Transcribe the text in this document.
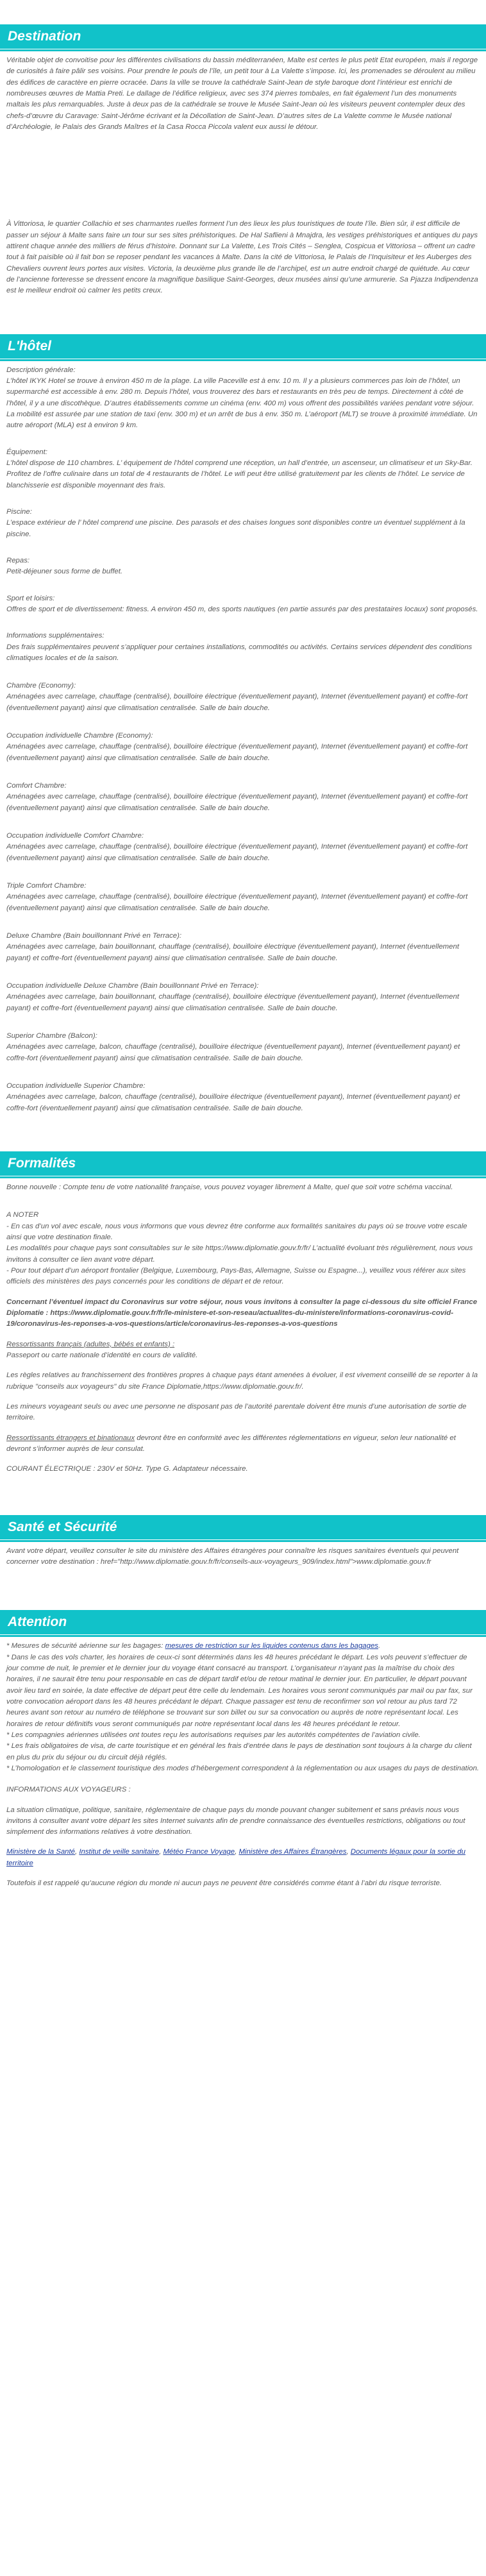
Destination

Véritable objet de convoitise pour les différentes civilisations du bassin méditerranéen, Malte est certes le plus petit Etat européen, mais il regorge de curiosités à faire pâlir ses voisins. Pour prendre le pouls de l’île, un petit tour à La Valette s’impose. Ici, les promenades se déroulent au milieu des édifices de caractère en pierre ocracée. Dans la ville se trouve la cathédrale Saint-Jean de style baroque dont l’intérieur est enrichi de nombreuses œuvres de Mattia Preti. Le dallage de l’édifice religieux, avec ses 374 pierres tombales, en fait également l’un des monuments maltais les plus remarquables. Juste à deux pas de la cathédrale se trouve le Musée Saint-Jean où les visiteurs peuvent contempler deux des chefs-d’œuvre du Caravage: Saint-Jérôme écrivant et la Décollation de Saint-Jean. D’autres sites de La Valette comme le Musée national d’Archéologie, le Palais des Grands Maîtres et la Casa Rocca Piccola valent eux aussi le détour.

À Vittoriosa, le quartier Collachio et ses charmantes ruelles forment l’un des lieux les plus touristiques de toute l’île. Bien sûr, il est difficile de passer un séjour à Malte sans faire un tour sur ses sites préhistoriques. De Hal Saflieni à Mnajdra, les vestiges préhistoriques et antiques du pays attirent chaque année des milliers de férus d’histoire. Donnant sur La Valette, Les Trois Cités – Senglea, Cospicua et Vittoriosa – offrent un cadre tout à fait paisible où il fait bon se reposer pendant les vacances à Malte. Dans la cité de Vittoriosa, le Palais de l’Inquisiteur et les Auberges des Chevaliers ouvrent leurs portes aux visites. Victoria, la deuxième plus grande île de l’archipel, est un autre endroit chargé de quiétude. Au cœur de l’ancienne forteresse se dressent encore la magnifique basilique Saint-Georges, deux musées ainsi qu’une armurerie. Sa Pjazza Indipendenza est le meilleur endroit où calmer les petits creux.

L'hôtel

Description générale:
L’hôtel IKYK Hotel se trouve à environ 450 m de la plage. La ville Paceville est à env. 10 m. Il y a plusieurs commerces pas loin de l’hôtel, un supermarché est accessible à env. 280 m. Depuis l’hôtel, vous trouverez des bars et restaurants en très peu de temps. Directement à côté de l’hôtel, il y a une discothèque. D’autres établissements comme un cinéma (env. 400 m) vous offrent des possibilités variées pendant votre séjour. La mobilité est assurée par une station de taxi (env. 300 m) et un arrêt de bus à env. 350 m. L’aéroport (MLT) se trouve à proximité immédiate. Un autre aéroport (MLA) est à environ 9 km.

Équipement:
L’hôtel dispose de 110 chambres. L’ équipement de l’hôtel comprend une réception, un hall d’entrée, un ascenseur, un climatiseur et un Sky-Bar. Profitez de l’offre culinaire dans un total de 4 restaurants de l’hôtel. Le wifi peut être utilisé gratuitement par les clients de l’hôtel. Le service de blanchisserie est disponible moyennant des frais.

Piscine:
L’espace extérieur de l’ hôtel comprend une piscine. Des parasols et des chaises longues sont disponibles contre un éventuel supplément à la piscine.

Repas:
Petit-déjeuner sous forme de buffet.

Sport et loisirs:
Offres de sport et de divertissement: fitness. A environ 450 m, des sports nautiques (en partie assurés par des prestataires locaux) sont proposés.

Informations supplémentaires:
Des frais supplémentaires peuvent s’appliquer pour certaines installations, commodités ou activités. Certains services dépendent des conditions climatiques locales et de la saison.

Chambre (Economy):
Aménagées avec carrelage, chauffage (centralisé), bouilloire électrique (éventuellement payant), Internet (éventuellement payant) et coffre-fort (éventuellement payant) ainsi que climatisation centralisée. Salle de bain douche.

Occupation individuelle Chambre (Economy):
Aménagées avec carrelage, chauffage (centralisé), bouilloire électrique (éventuellement payant), Internet (éventuellement payant) et coffre-fort (éventuellement payant) ainsi que climatisation centralisée. Salle de bain douche.

Comfort Chambre:
Aménagées avec carrelage, chauffage (centralisé), bouilloire électrique (éventuellement payant), Internet (éventuellement payant) et coffre-fort (éventuellement payant) ainsi que climatisation centralisée. Salle de bain douche.

Occupation individuelle Comfort Chambre:
Aménagées avec carrelage, chauffage (centralisé), bouilloire électrique (éventuellement payant), Internet (éventuellement payant) et coffre-fort (éventuellement payant) ainsi que climatisation centralisée. Salle de bain douche.

Triple Comfort Chambre:
Aménagées avec carrelage, chauffage (centralisé), bouilloire électrique (éventuellement payant), Internet (éventuellement payant) et coffre-fort (éventuellement payant) ainsi que climatisation centralisée. Salle de bain douche.

Deluxe Chambre (Bain bouillonnant Privé en Terrace):
Aménagées avec carrelage, bain bouillonnant, chauffage (centralisé), bouilloire électrique (éventuellement payant), Internet (éventuellement payant) et coffre-fort (éventuellement payant) ainsi que climatisation centralisée. Salle de bain douche.

Occupation individuelle Deluxe Chambre (Bain bouillonnant Privé en Terrace):
Aménagées avec carrelage, bain bouillonnant, chauffage (centralisé), bouilloire électrique (éventuellement payant), Internet (éventuellement payant) et coffre-fort (éventuellement payant) ainsi que climatisation centralisée. Salle de bain douche.

Superior Chambre (Balcon):
Aménagées avec carrelage, balcon, chauffage (centralisé), bouilloire électrique (éventuellement payant), Internet (éventuellement payant) et coffre-fort (éventuellement payant) ainsi que climatisation centralisée. Salle de bain douche.

Occupation individuelle Superior Chambre:
Aménagées avec carrelage, balcon, chauffage (centralisé), bouilloire électrique (éventuellement payant), Internet (éventuellement payant) et coffre-fort (éventuellement payant) ainsi que climatisation centralisée. Salle de bain douche.

Formalités

Bonne nouvelle : Compte tenu de votre nationalité française, vous pouvez voyager librement à Malte, quel que soit votre schéma vaccinal.

A NOTER
- En cas d’un vol avec escale, nous vous informons que vous devrez être conforme aux formalités sanitaires du pays où se trouve votre escale ainsi que votre destination finale.
Les modalités pour chaque pays sont consultables sur le site https://www.diplomatie.gouv.fr/fr/ L’actualité évoluant très régulièrement, nous vous invitons à consulter ce lien avant votre départ.
- Pour tout départ d’un aéroport frontalier (Belgique, Luxembourg, Pays-Bas, Allemagne, Suisse ou Espagne...), veuillez vous référer aux sites officiels des ministères des pays concernés pour les conditions de départ et de retour.

Concernant l’éventuel impact du Coronavirus sur votre séjour, nous vous invitons à consulter la page ci-dessous du site officiel France Diplomatie : https://www.diplomatie.gouv.fr/fr/le-ministere-et-son-reseau/actualites-du-ministere/informations-coronavirus-covid-19/coronavirus-les-reponses-a-vos-questions/article/coronavirus-les-reponses-a-vos-questions

Ressortissants français (adultes, bébés et enfants) :
Passeport ou carte nationale d’identité en cours de validité.

Les règles relatives au franchissement des frontières propres à chaque pays étant amenées à évoluer, il est vivement conseillé de se reporter à la rubrique "conseils aux voyageurs" du site France Diplomatie,https://www.diplomatie.gouv.fr/.

Les mineurs voyageant seuls ou avec une personne ne disposant pas de l’autorité parentale doivent être munis d’une autorisation de sortie de territoire.

Ressortissants étrangers et binationaux devront être en conformité avec les différentes réglementations en vigueur, selon leur nationalité et devront s’informer auprès de leur consulat.

COURANT ÉLECTRIQUE : 230V et 50Hz. Type G. Adaptateur nécessaire.

Santé et Sécurité

Avant votre départ, veuillez consulter le site du ministère des Affaires étrangères pour connaître les risques sanitaires éventuels qui peuvent concerner votre destination : href="http://www.diplomatie.gouv.fr/fr/conseils-aux-voyageurs_909/index.html">www.diplomatie.gouv.fr

Attention

* Mesures de sécurité aérienne sur les bagages: mesures de restriction sur les liquides contenus dans les bagages.

* Dans le cas des vols charter, les horaires de ceux-ci sont déterminés dans les 48 heures précédant le départ. Les vols peuvent s’effectuer de jour comme de nuit, le premier et le dernier jour du voyage étant consacré au transport. L’organisateur n’ayant pas la maîtrise du choix des horaires, il ne saurait être tenu pour responsable en cas de départ tardif et/ou de retour matinal le dernier jour. En particulier, le départ pouvant avoir lieu tard en soirée, la date effective de départ peut être celle du lendemain. Les horaires vous seront communiqués par mail ou par fax, sur votre convocation aéroport dans les 48 heures précédant le départ. Chaque passager est tenu de reconfirmer son vol retour au plus tard 72 heures avant son retour au numéro de téléphone se trouvant sur son billet ou sur sa convocation ou auprès de notre représentant local. Les horaires de retour définitifs vous seront communiqués par notre représentant local dans les 48 heures précédant le retour.

* Les compagnies aériennes utilisées ont toutes reçu les autorisations requises par les autorités compétentes de l’aviation civile.

* Les frais obligatoires de visa, de carte touristique et en général les frais d’entrée dans le pays de destination sont toujours à la charge du client en plus du prix du séjour ou du circuit déjà réglés.

* L’homologation et le classement touristique des modes d’hébergement correspondent à la réglementation ou aux usages du pays de destination.

INFORMATIONS AUX VOYAGEURS :

La situation climatique, politique, sanitaire, réglementaire de chaque pays du monde pouvant changer subitement et sans préavis nous vous invitons à consulter avant votre départ les sites Internet suivants afin de prendre connaissance des éventuelles restrictions, obligations ou tout simplement des informations relatives à votre destination.

Ministère de la Santé, Institut de veille sanitaire, Météo France Voyage, Ministère des Affaires Étrangères, Documents légaux pour la sortie du territoire

Toutefois il est rappelé qu’aucune région du monde ni aucun pays ne peuvent être considérés comme étant à l’abri du risque terroriste.
